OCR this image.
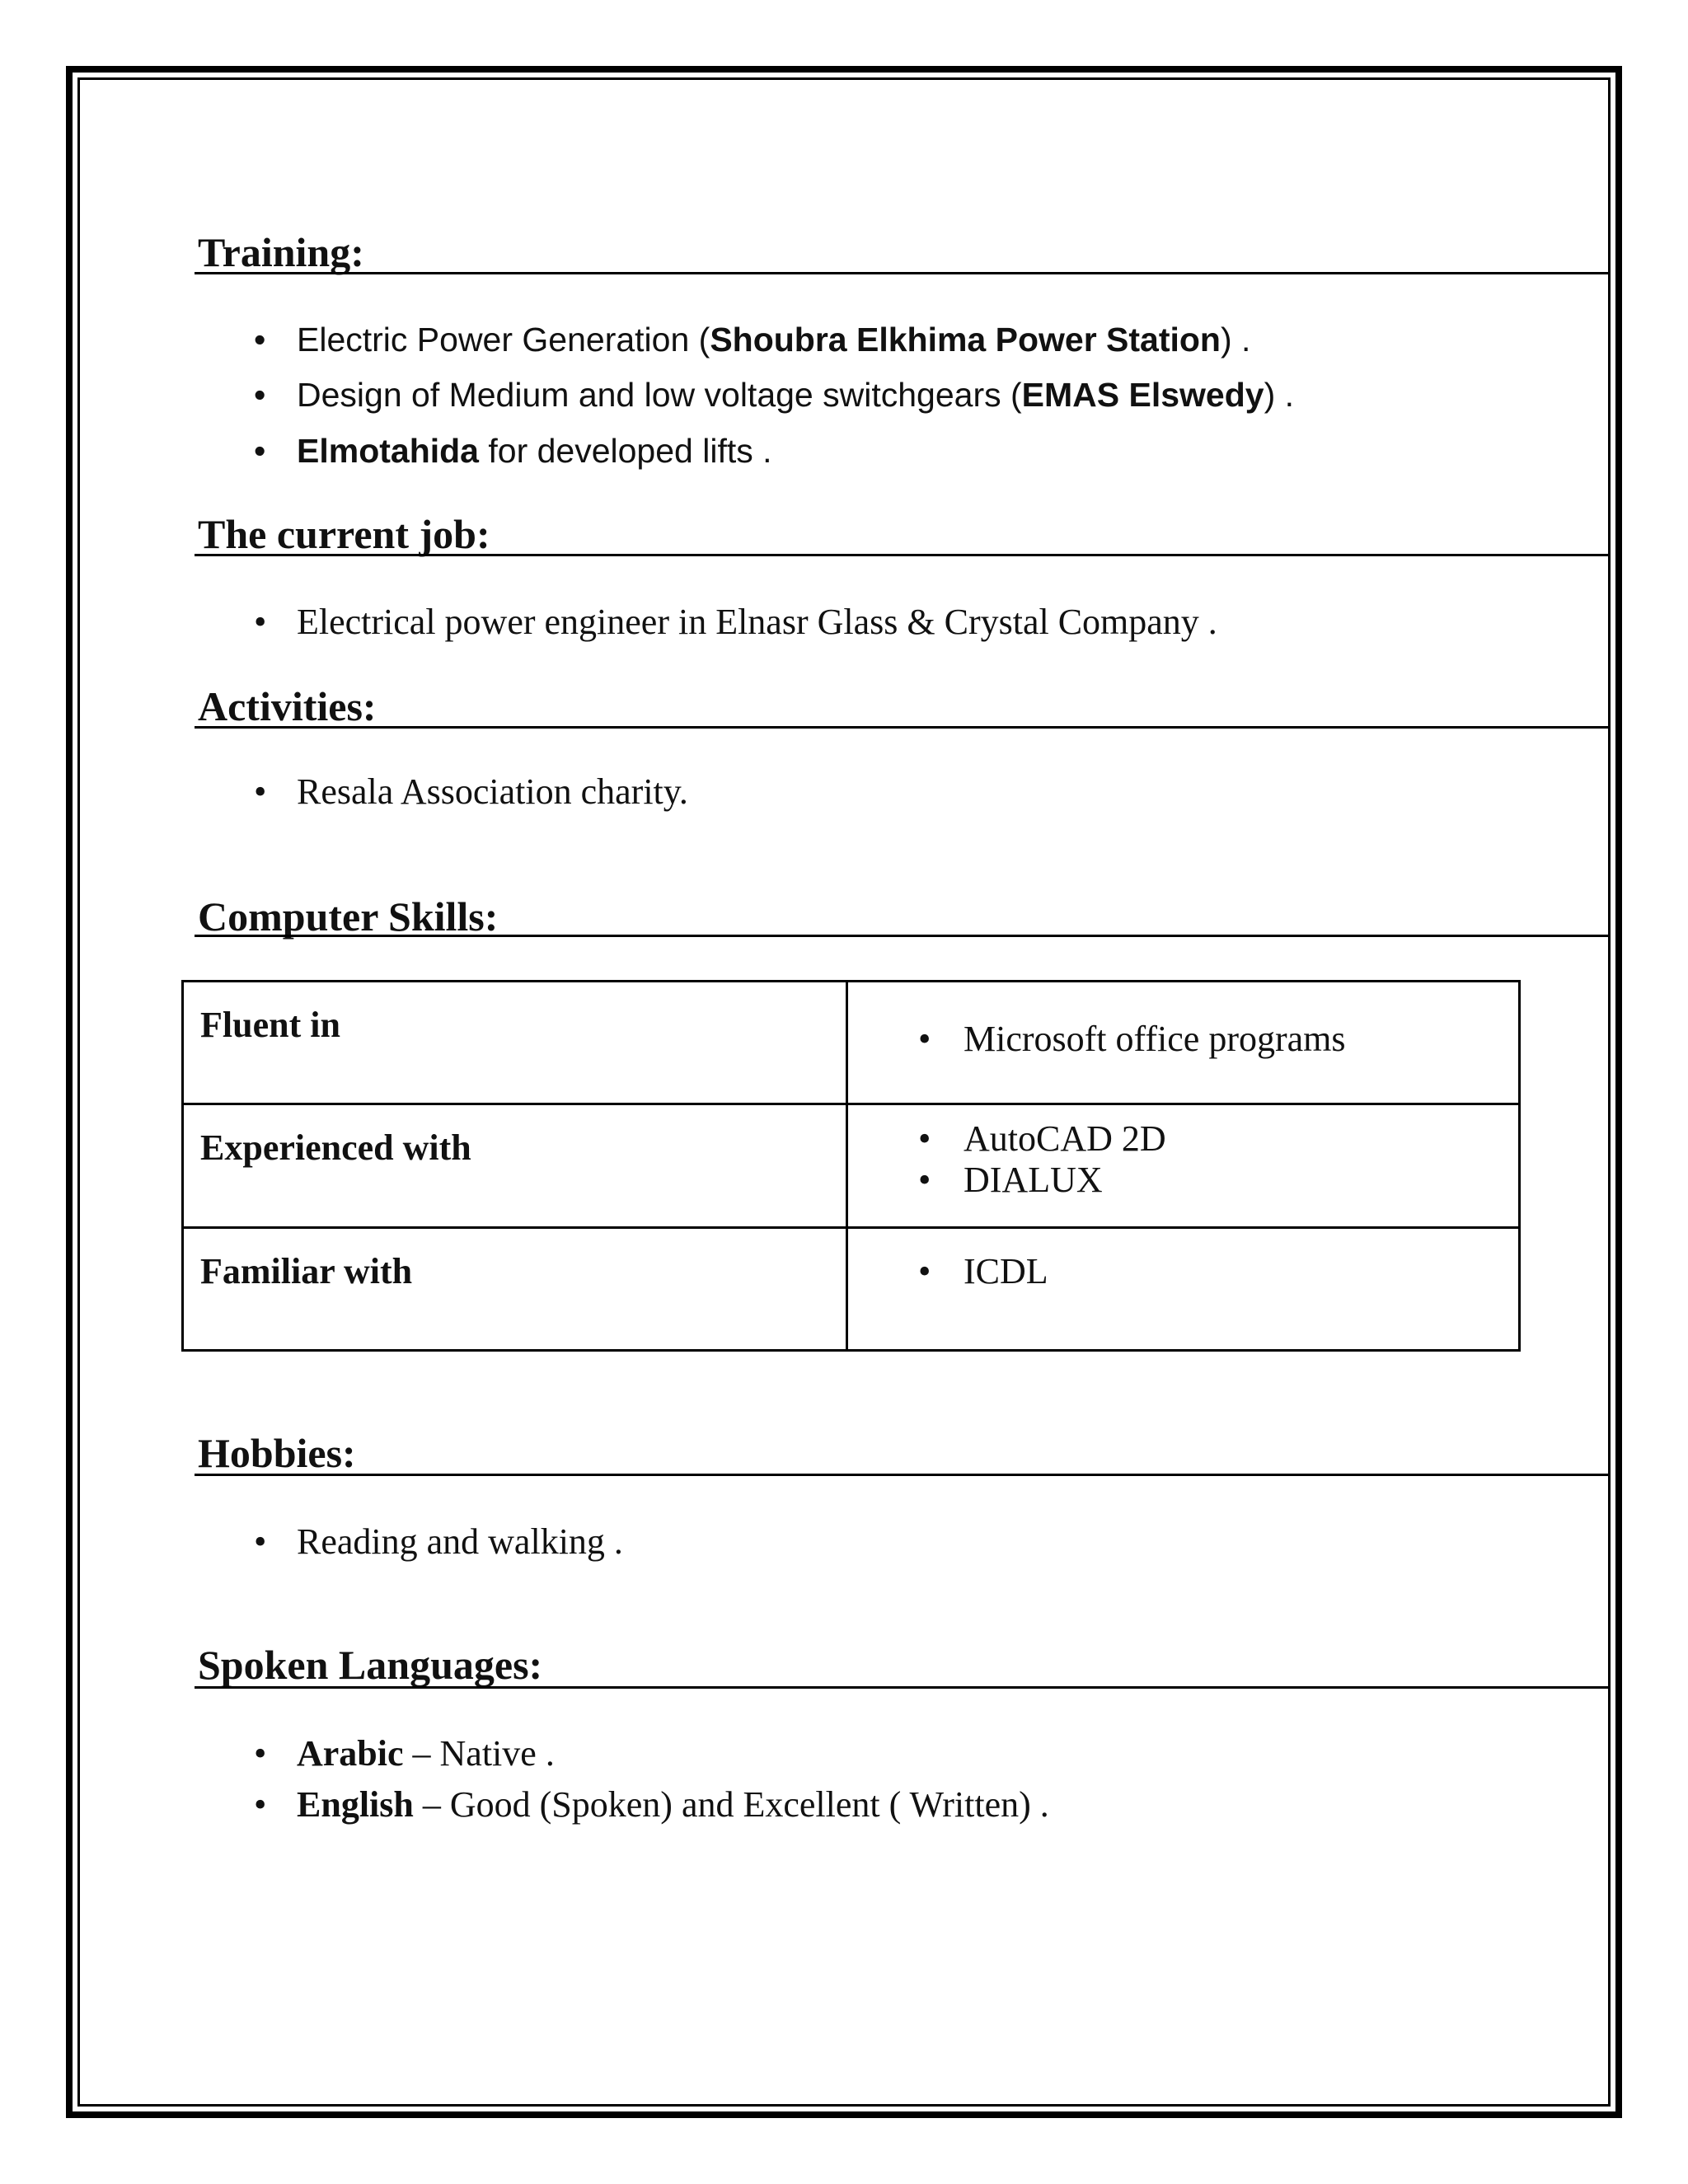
Training:
• Electric Power Generation (Shoubra Elkhima Power Station) .
• Design of Medium and low voltage switchgears (EMAS Elswedy) .
• Elmotahida for developed lifts .
The current job:
• Electrical power engineer in Elnasr Glass & Crystal Company .
Activities:
• Resala Association charity.
Computer Skills:
Fluent in	• Microsoft office programs

Experienced with	• AutoCAD 2D
• DIALUX

Familiar with	• ICDL
Hobbies:
• Reading and walking .
Spoken Languages:
• Arabic – Native .
• English – Good (Spoken) and Excellent ( Written) .
